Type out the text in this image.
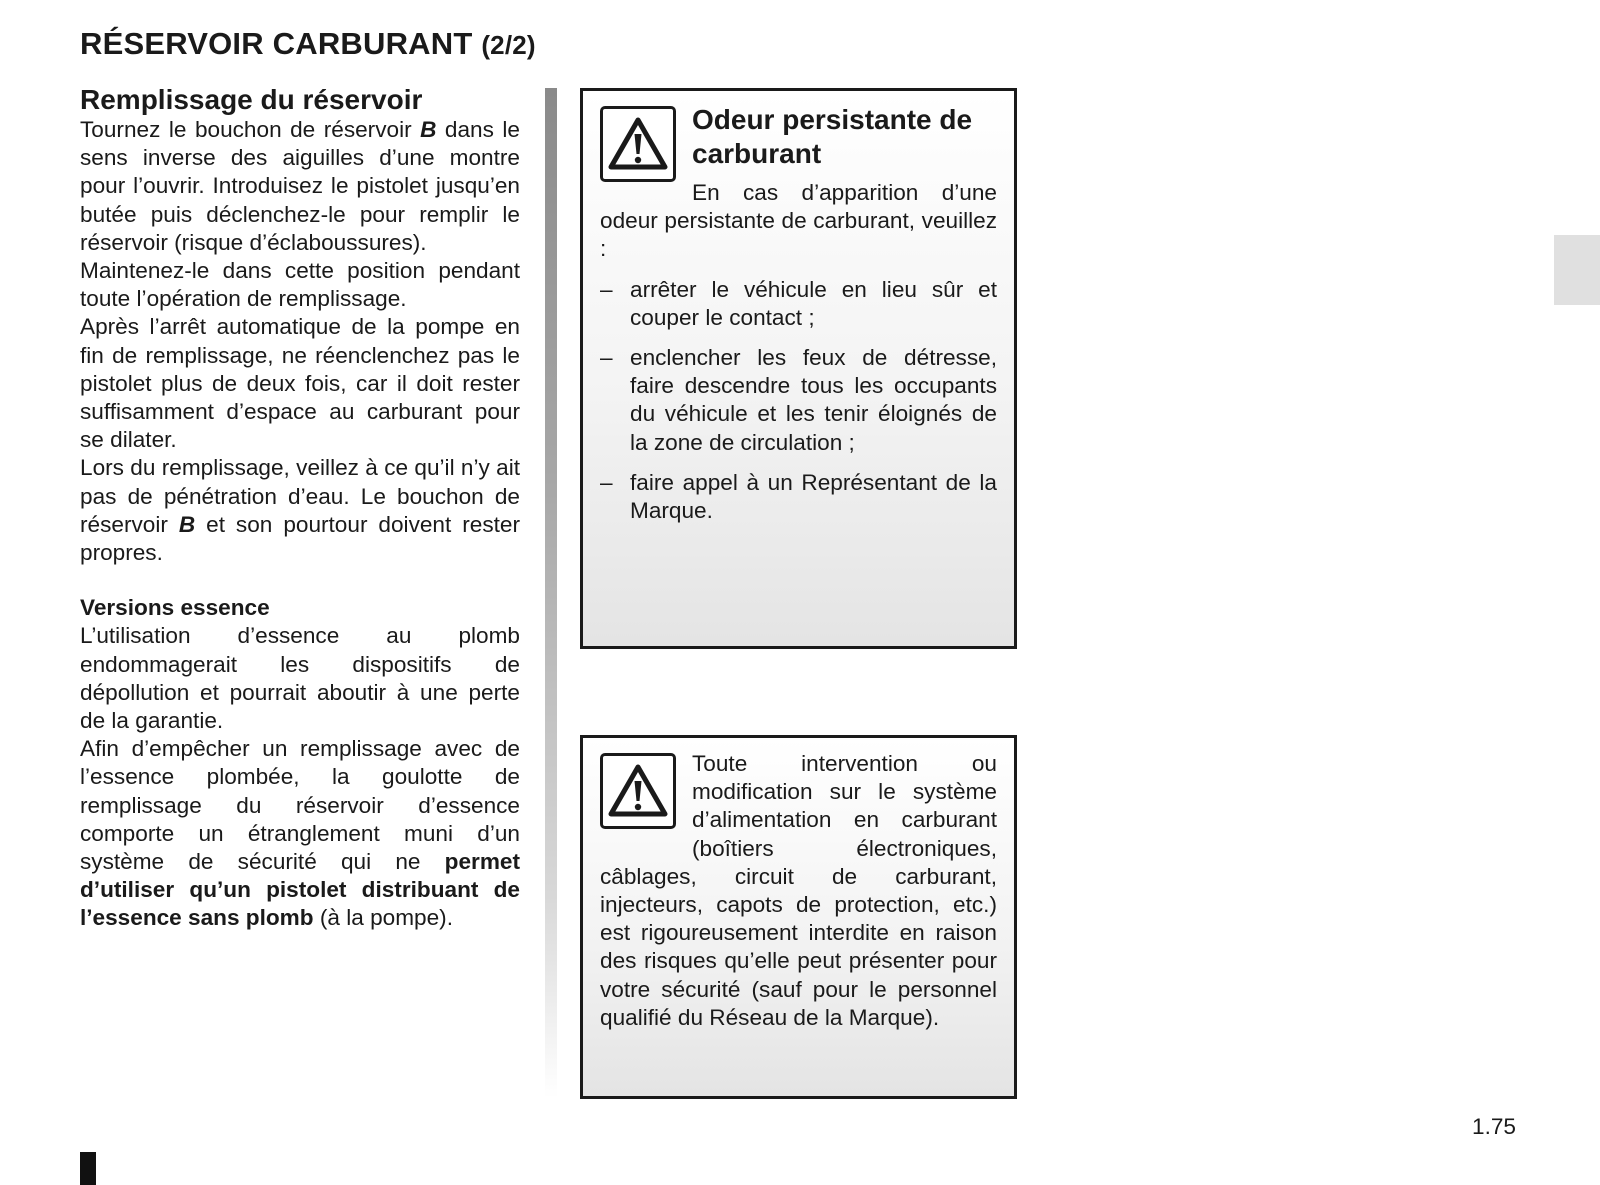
RÉSERVOIR CARBURANT (2/2)
Remplissage du réservoir

Tournez le bouchon de réservoir B dans le sens inverse des aiguilles d’une montre pour l’ouvrir. Introduisez le pistolet jusqu’en butée puis déclenchez-le pour remplir le réservoir (risque d’éclaboussures).

Maintenez-le dans cette position pendant toute l’opération de remplissage.

Après l’arrêt automatique de la pompe en fin de remplissage, ne réenclenchez pas le pistolet plus de deux fois, car il doit rester suffisamment d’espace au carburant pour se dilater.

Lors du remplissage, veillez à ce qu’il n’y ait pas de pénétration d’eau. Le bouchon de réservoir B et son pourtour doivent rester propres.

Versions essence

L’utilisation d’essence au plomb endommagerait les dispositifs de dépollution et pourrait aboutir à une perte de la garantie.

Afin d’empêcher un remplissage avec de l’essence plombée, la goulotte de remplissage du réservoir d’essence comporte un étranglement muni d’un système de sécurité qui ne permet d’utiliser qu’un pistolet distribuant de l’essence sans plomb (à la pompe).

Odeur persistante de carburant

En cas d’apparition d’une odeur persistante de carburant, veuillez :

– arrêter le véhicule en lieu sûr et couper le contact ;
– enclencher les feux de détresse, faire descendre tous les occupants du véhicule et les tenir éloignés de la zone de circulation ;
– faire appel à un Représentant de la Marque.

Toute intervention ou modification sur le système d’alimentation en carburant (boîtiers électroniques, câblages, circuit de carburant, injecteurs, capots de protection, etc.) est rigoureusement interdite en raison des risques qu’elle peut présenter pour votre sécurité (sauf pour le personnel qualifié du Réseau de la Marque).

1.75
